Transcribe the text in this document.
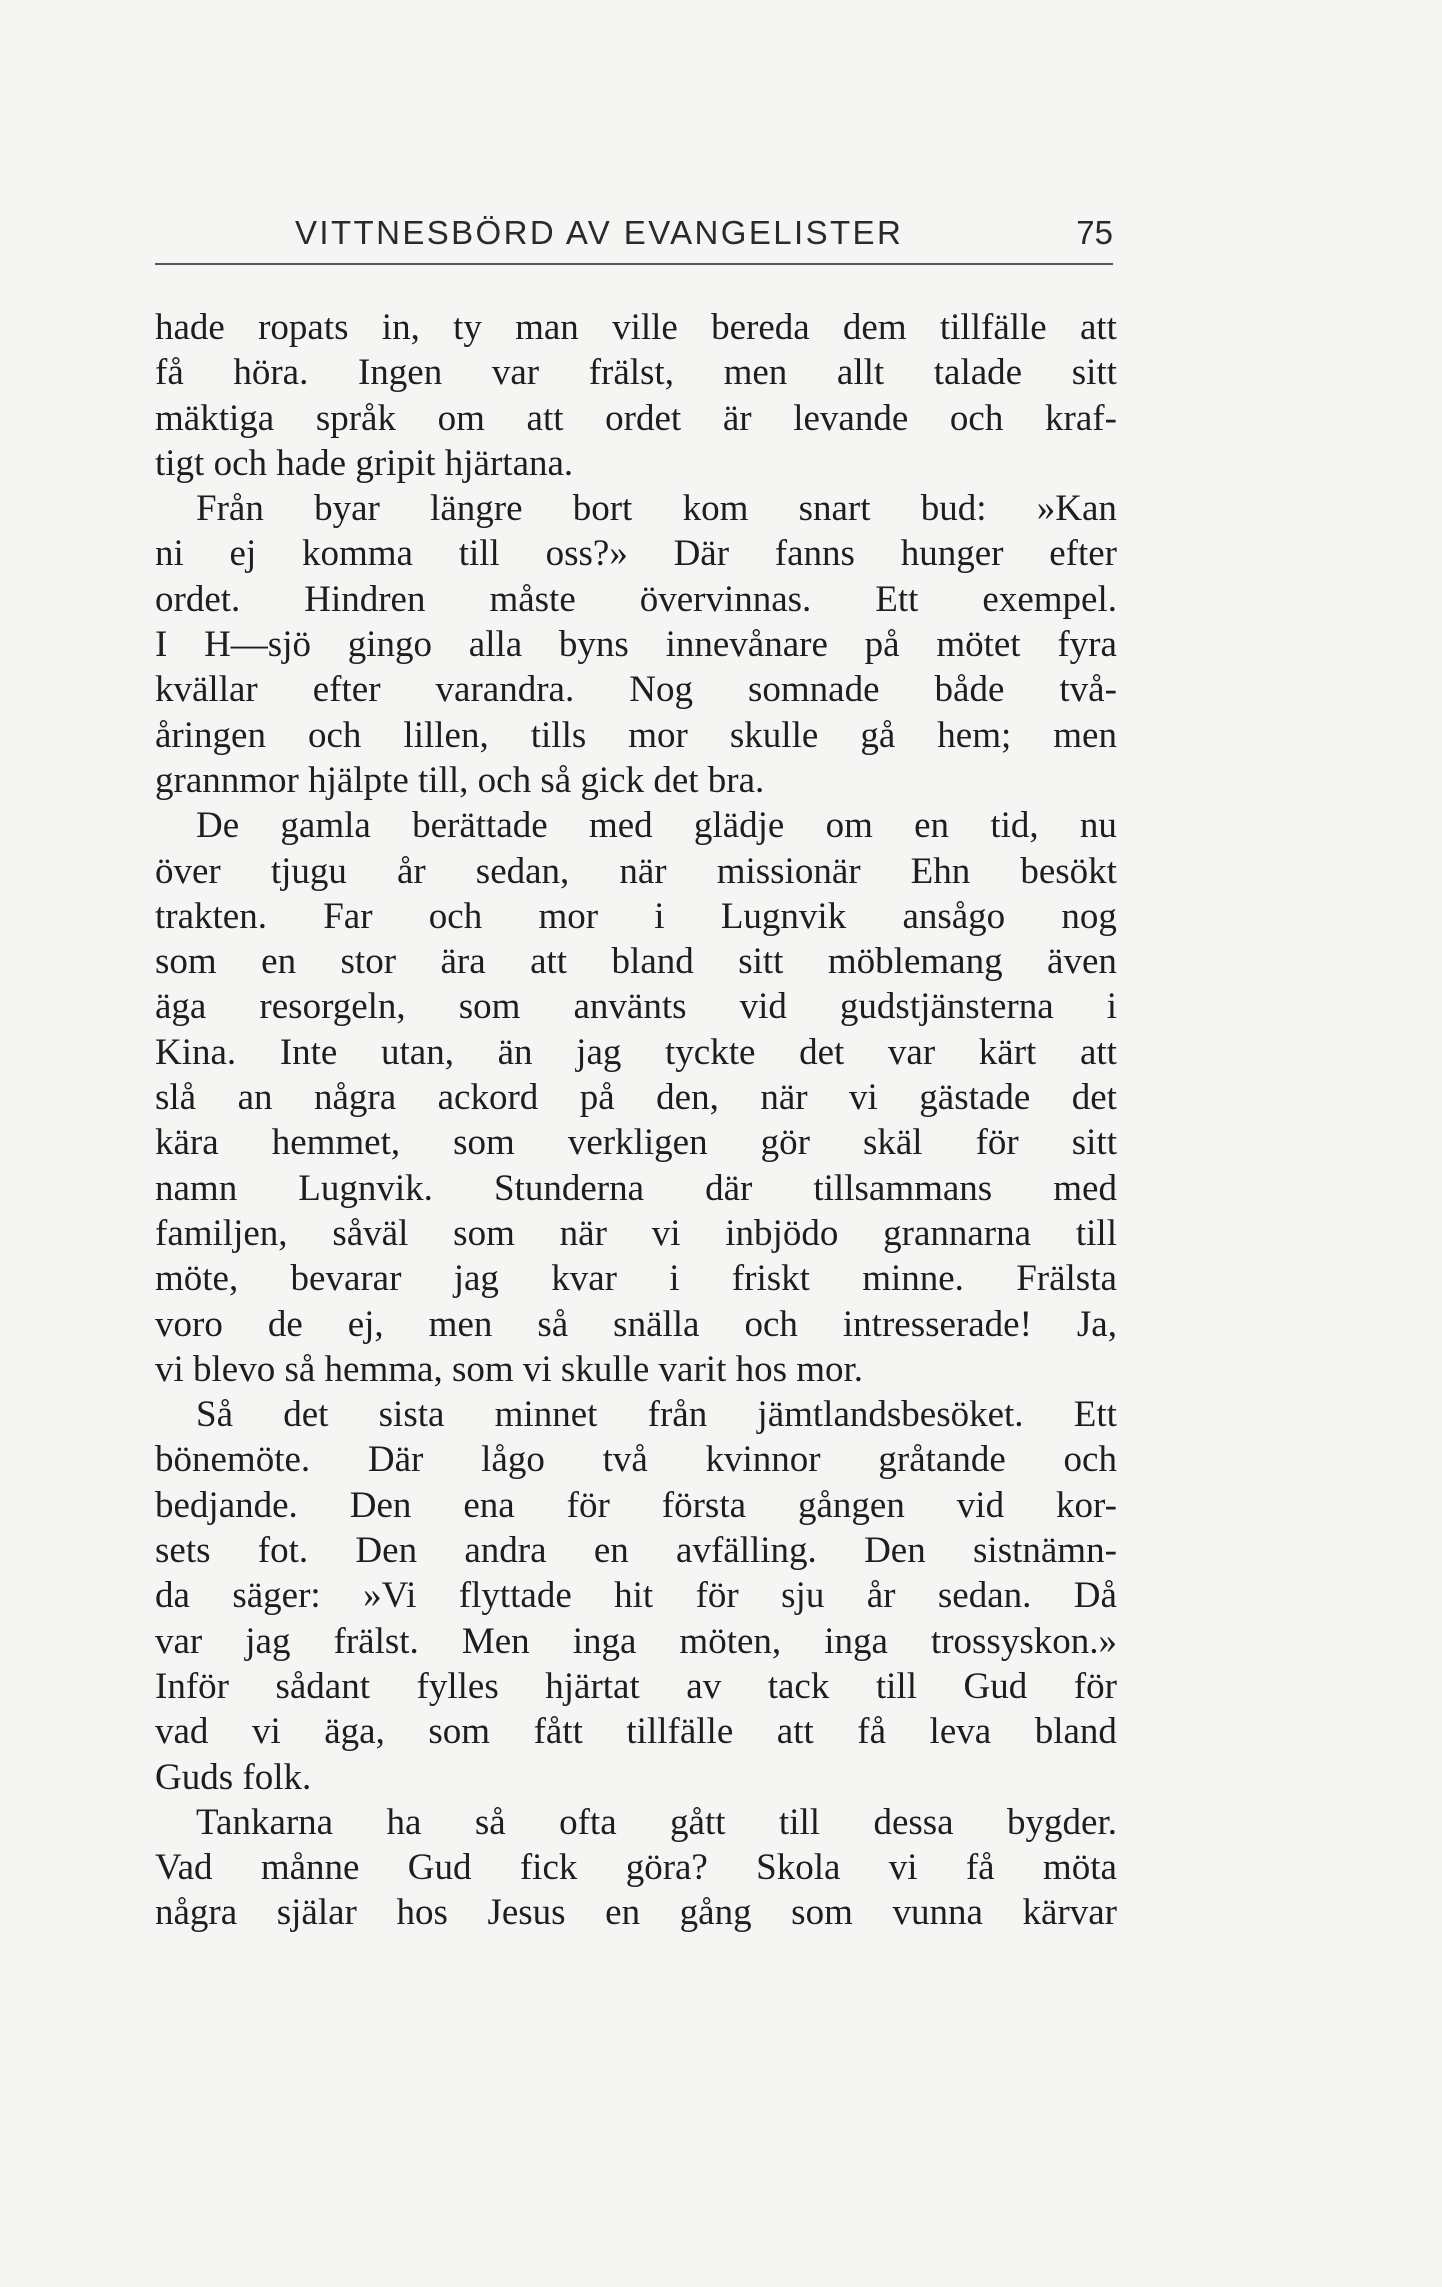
VITTNESBÖRD AV EVANGELISTER	75
hade ropats in, ty man ville bereda dem tillfälle att
få höra. Ingen var frälst, men allt talade sitt
mäktiga språk om att ordet är levande och kraf-
tigt och hade gripit hjärtana.
Från byar längre bort kom snart bud: »Kan
ni ej komma till oss?» Där fanns hunger efter
ordet. Hindren måste övervinnas. Ett exempel.
I H—sjö gingo alla byns innevånare på mötet fyra
kvällar efter varandra. Nog somnade både två-
åringen och lillen, tills mor skulle gå hem; men
grannmor hjälpte till, och så gick det bra.
De gamla berättade med glädje om en tid, nu
över tjugu år sedan, när missionär Ehn besökt
trakten. Far och mor i Lugnvik ansågo nog
som en stor ära att bland sitt möblemang även
äga resorgeln, som använts vid gudstjänsterna i
Kina. Inte utan, än jag tyckte det var kärt att
slå an några ackord på den, när vi gästade det
kära hemmet, som verkligen gör skäl för sitt
namn Lugnvik. Stunderna där tillsammans med
familjen, såväl som när vi inbjödo grannarna till
möte, bevarar jag kvar i friskt minne. Frälsta
voro de ej, men så snälla och intresserade! Ja,
vi blevo så hemma, som vi skulle varit hos mor.
Så det sista minnet från jämtlandsbesöket. Ett
bönemöte. Där lågo två kvinnor gråtande och
bedjande. Den ena för första gången vid kor-
sets fot. Den andra en avfälling. Den sistnämn-
da säger: »Vi flyttade hit för sju år sedan. Då
var jag frälst. Men inga möten, inga trossyskon.»
Inför sådant fylles hjärtat av tack till Gud för
vad vi äga, som fått tillfälle att få leva bland
Guds folk.
Tankarna ha så ofta gått till dessa bygder.
Vad månne Gud fick göra? Skola vi få möta
några själar hos Jesus en gång som vunna kärvar
